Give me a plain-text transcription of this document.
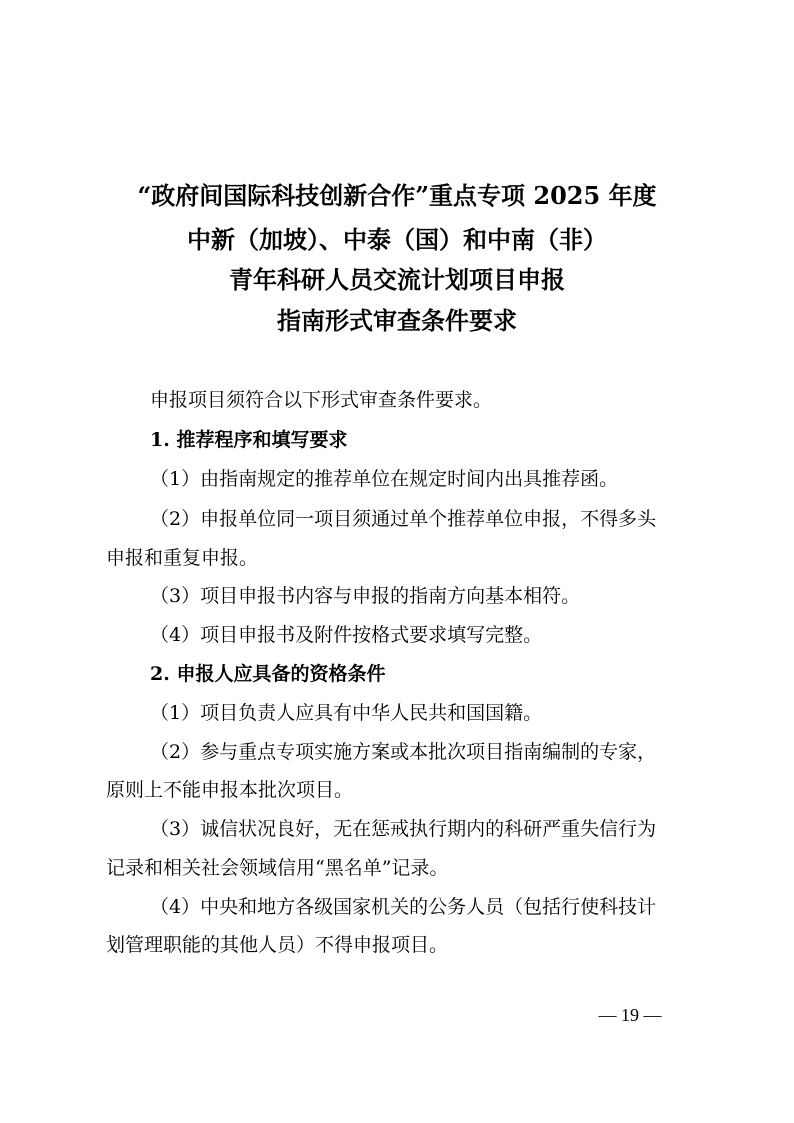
“政府间国际科技创新合作”重点专项 2025 年度
中新（加坡）、中泰（国）和中南（非）
青年科研人员交流计划项目申报
指南形式审查条件要求
申报项目须符合以下形式审查条件要求。
1. 推荐程序和填写要求
（1）由指南规定的推荐单位在规定时间内出具推荐函。
（2）申报单位同一项目须通过单个推荐单位申报，不得多头
申报和重复申报。
（3）项目申报书内容与申报的指南方向基本相符。
（4）项目申报书及附件按格式要求填写完整。
2. 申报人应具备的资格条件
（1）项目负责人应具有中华人民共和国国籍。
（2）参与重点专项实施方案或本批次项目指南编制的专家，
原则上不能申报本批次项目。
（3）诚信状况良好，无在惩戒执行期内的科研严重失信行为
记录和相关社会领域信用“黑名单”记录。
（4）中央和地方各级国家机关的公务人员（包括行使科技计
划管理职能的其他人员）不得申报项目。
— 19 —
